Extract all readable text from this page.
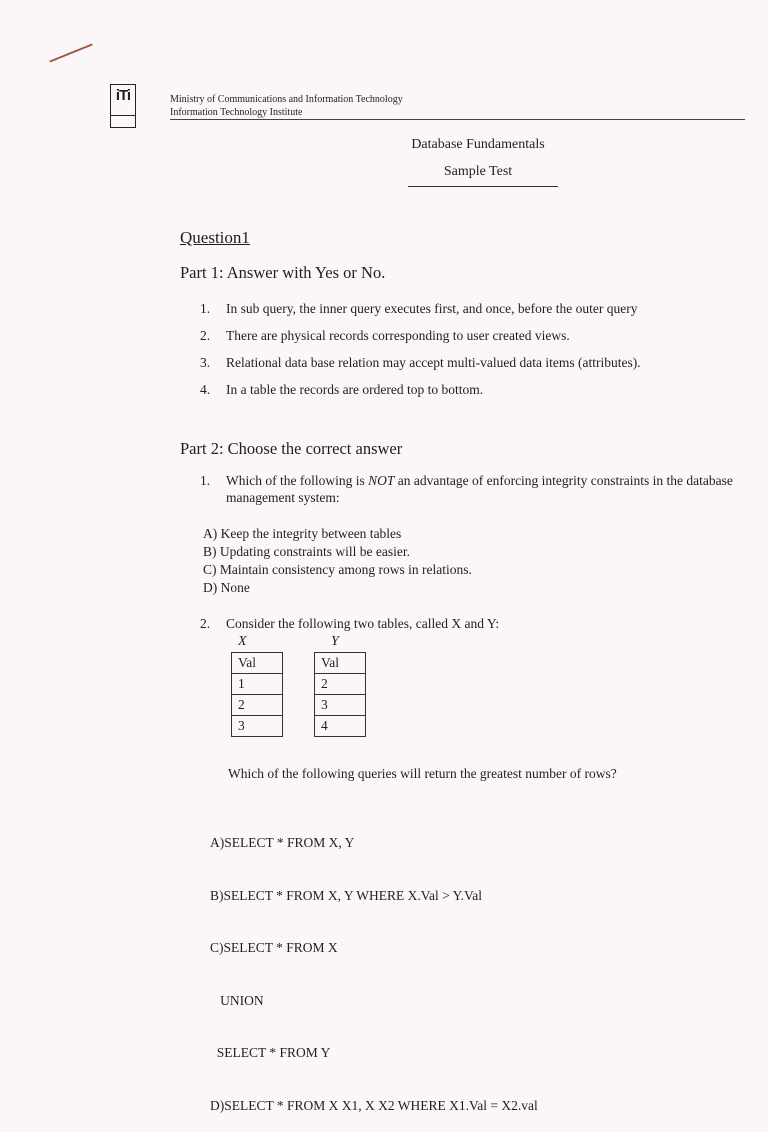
iTi	Ministry of Communications and Information Technology
Information Technology Institute
Database Fundamentals
Sample Test
Question1
Part 1: Answer with Yes or No.
1. In sub query, the inner query executes first, and once, before the outer query
2. There are physical records corresponding to user created views.
3. Relational data base relation may accept multi-valued data items (attributes).
4. In a table the records are ordered top to bottom.
Part 2: Choose the correct answer
1. Which of the following is NOT an advantage of enforcing integrity constraints in the database management system:
A) Keep the integrity between tables
B) Updating constraints will be easier.
C) Maintain consistency among rows in relations.
D) None
2. Consider the following two tables, called X and Y:
X
Val
1
2
3
Y
Val
2
3
4
Which of the following queries will return the greatest number of rows?

A)SELECT * FROM X, Y

B)SELECT * FROM X, Y WHERE X.Val > Y.Val

C)SELECT * FROM X

UNION

SELECT * FROM Y

D)SELECT * FROM X X1, X X2 WHERE X1.Val = X2.val
